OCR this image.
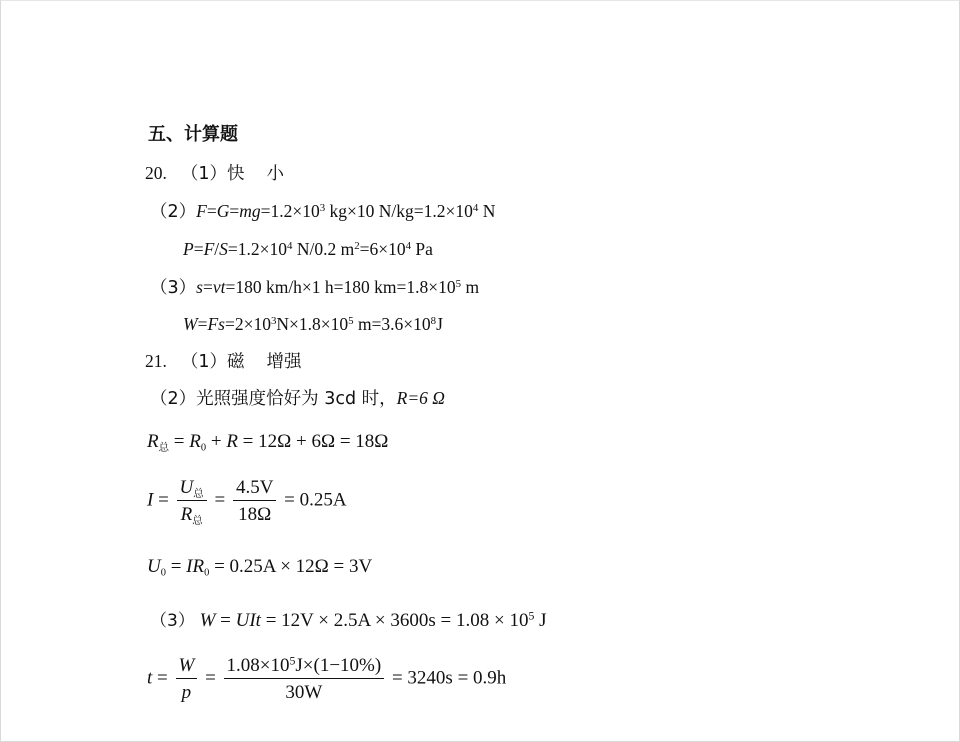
五、计算题
20. （1）快 小
$(2)F=G=mg=1.2\times 10^3$ kg×10 $N/kg=1.2\times 10^4$ N
$P=F/S=1.2\times 10^4$ N/0.2 $m^2=6\times 10^4$ Pa
（3）s=vt=180 km/h×1 h=180 $km=1.8\times 10^5$ m
$W=Fs=2\times 10^3N\times 1.8\times 10^5$ $m=3.6\times 10^8J$
21. （1）磁 增强
（2）光照强度恰好为 3cd 时，R=6 Ω
$R_总 = R_0 + R = 12\Omega + 6\Omega = 18\Omega$
$I = \frac{U_总}{R_总} = \frac{4.5V}{18\Omega} = 0.25A$
$U_0 = IR_0 = 0.25A \times 12\Omega = 3V$
（3） W = UIt = $12V \times 2.5A \times 3600s = 1.08 \times 10^5$ J
$t = \frac{W}{p} = \frac{1.08\times 10^5J\times(1-10\%)}{30W} = 3240s = 0.9h$
